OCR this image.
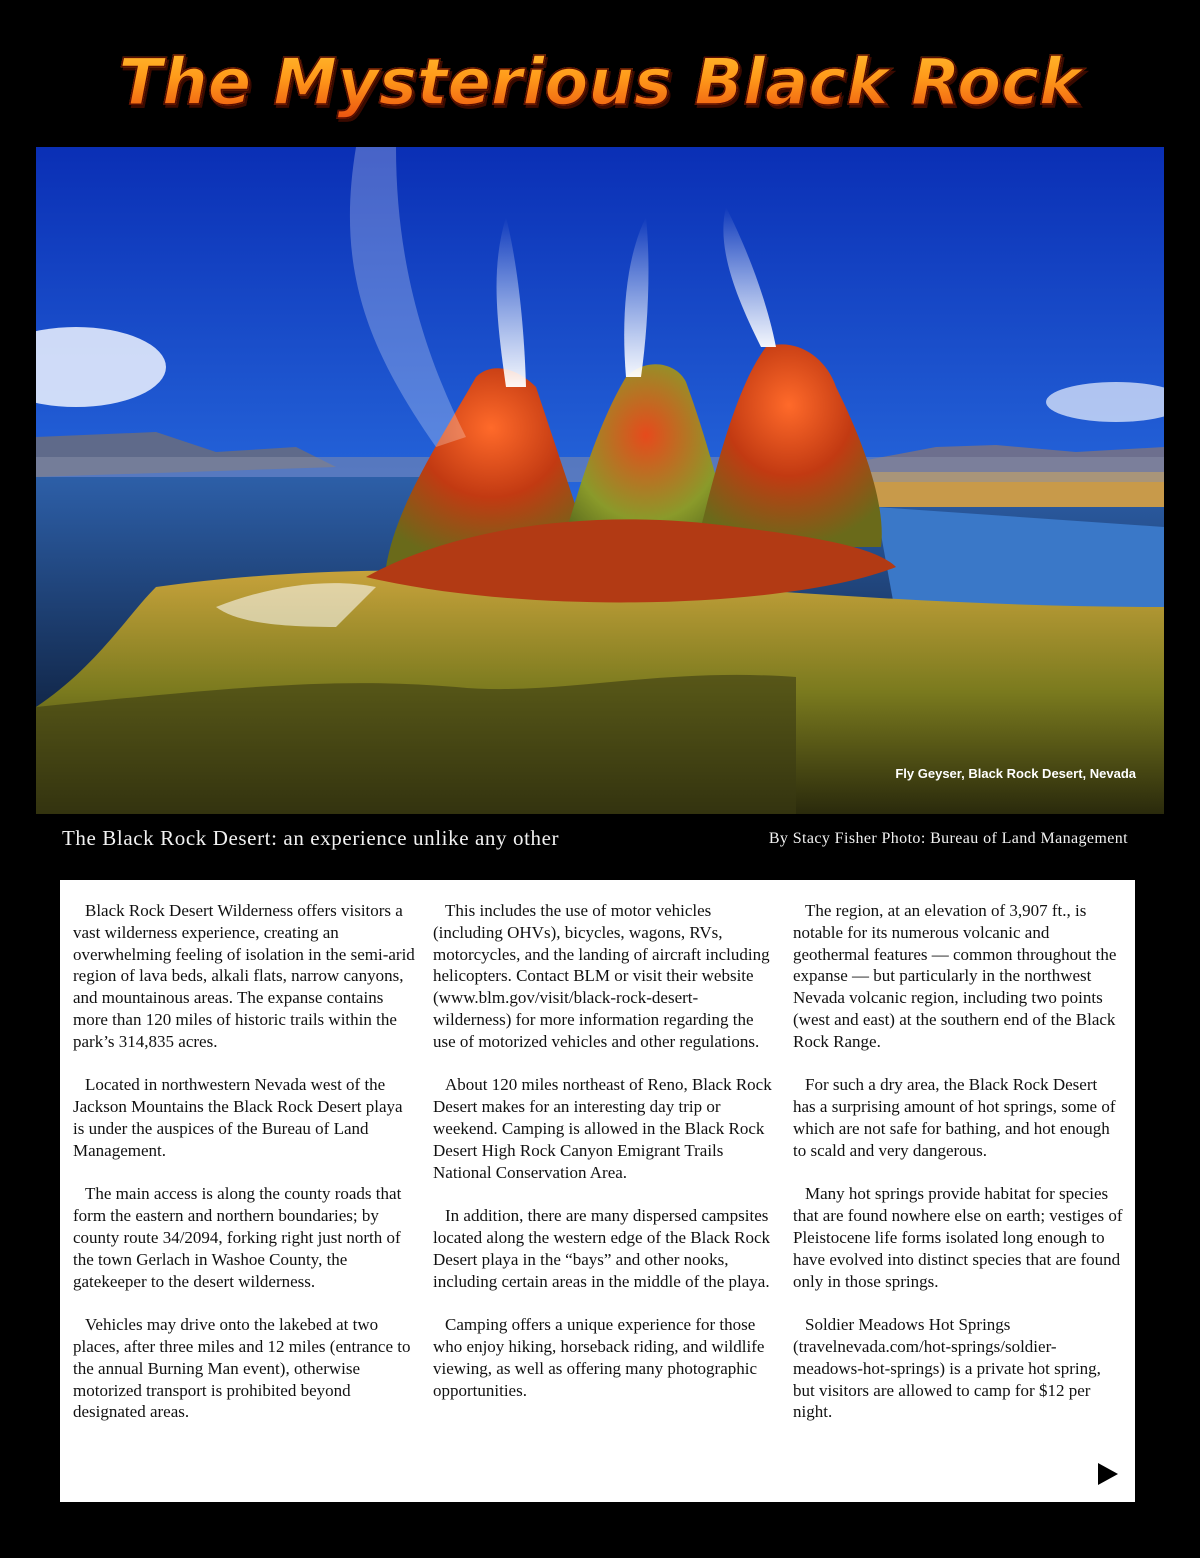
The Mysterious Black Rock
Fly Geyser, Black Rock Desert, Nevada
The Black Rock Desert: an experience unlike any other	By Stacy Fisher Photo: Bureau of Land Management

Black Rock Desert Wilderness offers visitors a vast wilderness experience, creating an overwhelming feeling of isolation in the semi-arid region of lava beds, alkali flats, narrow canyons, and mountainous areas. The expanse contains more than 120 miles of historic trails within the park’s 314,835 acres.

Located in northwestern Nevada west of the Jackson Mountains the Black Rock Desert playa is under the auspices of the Bureau of Land Management.

The main access is along the county roads that form the eastern and northern boundaries; by county route 34/2094, forking right just north of the town Gerlach in Washoe County, the gatekeeper to the desert wilderness.

Vehicles may drive onto the lakebed at two places, after three miles and 12 miles (entrance to the annual Burning Man event), otherwise motorized transport is prohibited beyond designated areas.

This includes the use of motor vehicles (including OHVs), bicycles, wagons, RVs, motorcycles, and the landing of aircraft including helicopters. Contact BLM or visit their website (www.blm.gov/visit/black-rock-desert-wilderness) for more information regarding the use of motorized vehicles and other regulations.

About 120 miles northeast of Reno, Black Rock Desert makes for an interesting day trip or weekend. Camping is allowed in the Black Rock Desert High Rock Canyon Emigrant Trails National Conservation Area.

In addition, there are many dispersed campsites located along the western edge of the Black Rock Desert playa in the “bays” and other nooks, including certain areas in the middle of the playa.

Camping offers a unique experience for those who enjoy hiking, horseback riding, and wildlife viewing, as well as offering many photographic opportunities.

The region, at an elevation of 3,907 ft., is notable for its numerous volcanic and geothermal features — common throughout the expanse — but particularly in the northwest Nevada volcanic region, including two points (west and east) at the southern end of the Black Rock Range.

For such a dry area, the Black Rock Desert has a surprising amount of hot springs, some of which are not safe for bathing, and hot enough to scald and very dangerous.

Many hot springs provide habitat for species that are found nowhere else on earth; vestiges of Pleistocene life forms isolated long enough to have evolved into distinct species that are found only in those springs.

Soldier Meadows Hot Springs (travelnevada.com/hot-springs/soldier-meadows-hot-springs) is a private hot spring, but visitors are allowed to camp for $12 per night.
